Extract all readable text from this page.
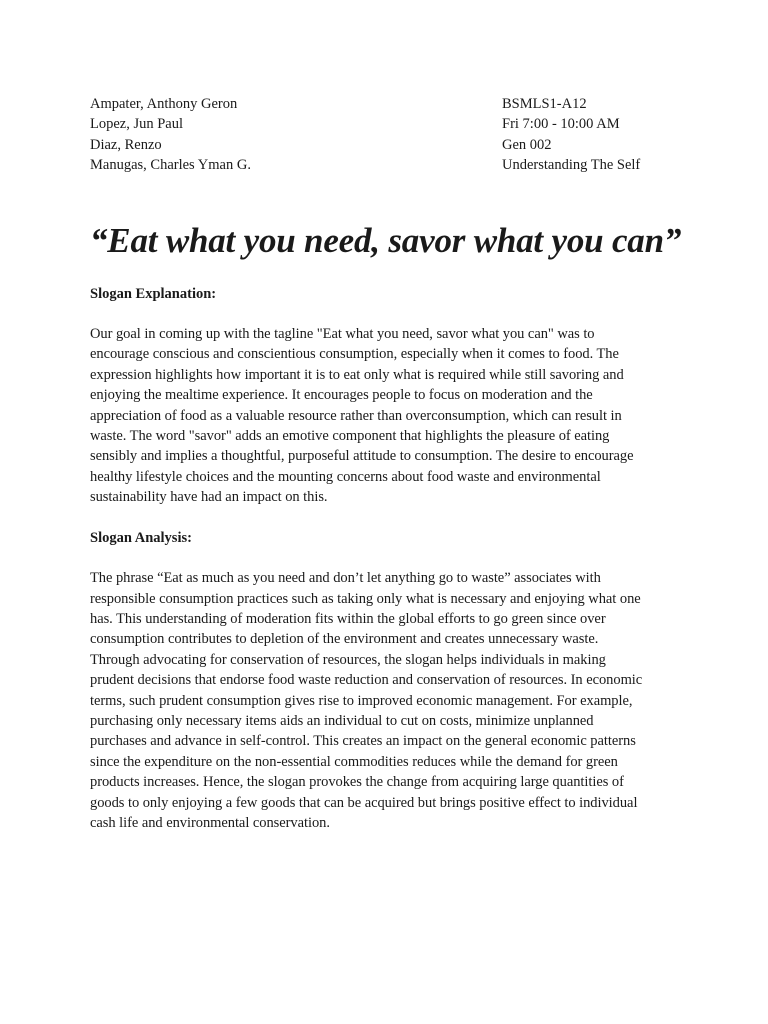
Ampater, Anthony Geron
Lopez, Jun Paul
Diaz, Renzo
Manugas, Charles Yman G.
BSMLS1-A12
Fri 7:00 - 10:00 AM
Gen 002
Understanding The Self
“Eat what you need, savor what you can”
Slogan Explanation:
Our goal in coming up with the tagline "Eat what you need, savor what you can" was to
encourage conscious and conscientious consumption, especially when it comes to food. The
expression highlights how important it is to eat only what is required while still savoring and
enjoying the mealtime experience. It encourages people to focus on moderation and the
appreciation of food as a valuable resource rather than overconsumption, which can result in
waste. The word "savor" adds an emotive component that highlights the pleasure of eating
sensibly and implies a thoughtful, purposeful attitude to consumption. The desire to encourage
healthy lifestyle choices and the mounting concerns about food waste and environmental
sustainability have had an impact on this.
Slogan Analysis:
The phrase “Eat as much as you need and don’t let anything go to waste” associates with
responsible consumption practices such as taking only what is necessary and enjoying what one
has. This understanding of moderation fits within the global efforts to go green since over
consumption contributes to depletion of the environment and creates unnecessary waste.
Through advocating for conservation of resources, the slogan helps individuals in making
prudent decisions that endorse food waste reduction and conservation of resources. In economic
terms, such prudent consumption gives rise to improved economic management. For example,
purchasing only necessary items aids an individual to cut on costs, minimize unplanned
purchases and advance in self-control. This creates an impact on the general economic patterns
since the expenditure on the non-essential commodities reduces while the demand for green
products increases. Hence, the slogan provokes the change from acquiring large quantities of
goods to only enjoying a few goods that can be acquired but brings positive effect to individual
cash life and environmental conservation.
